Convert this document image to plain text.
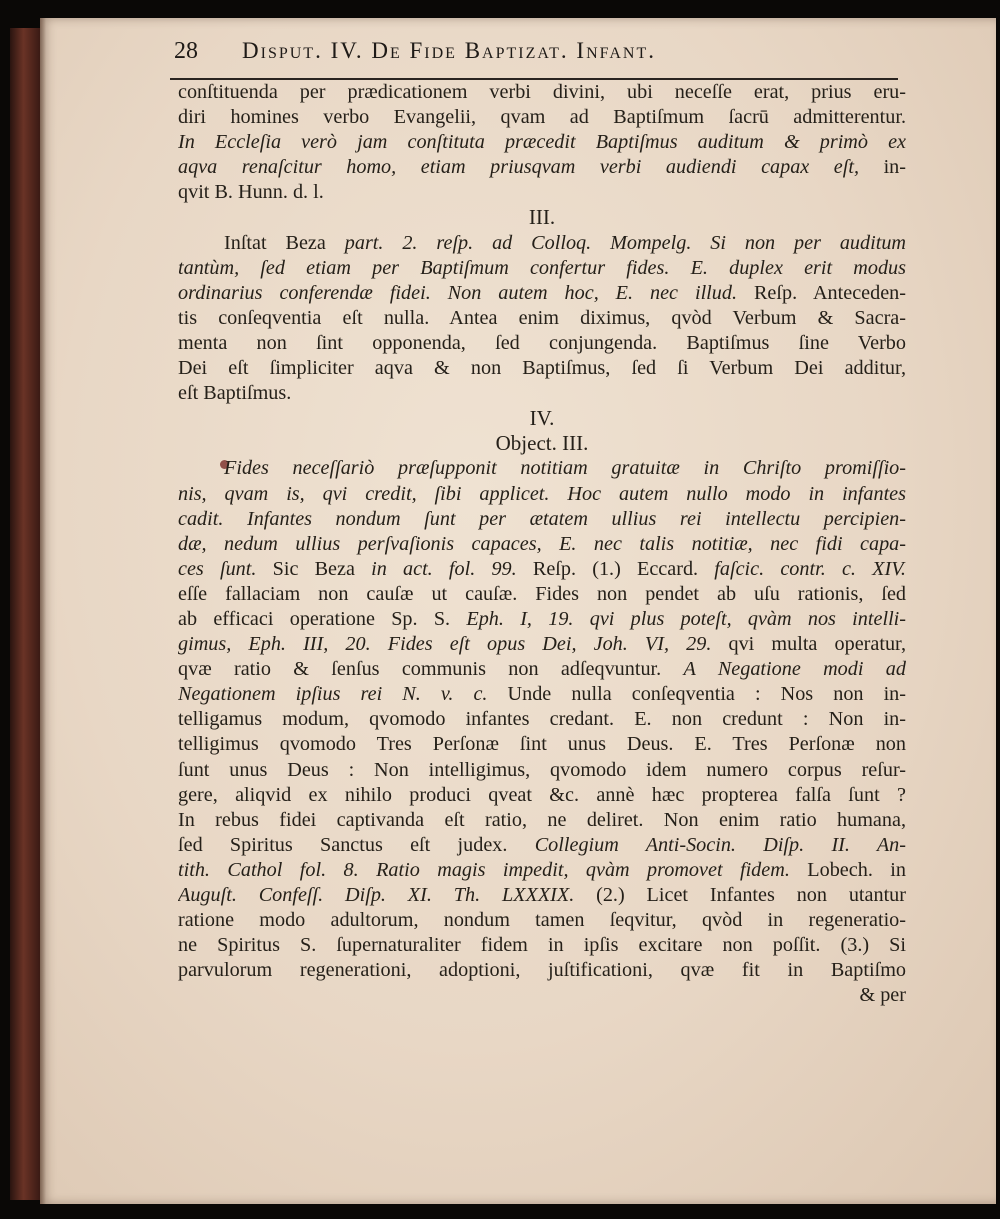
28 Disput. IV. De Fide Baptizat. Infant.
conſtituenda per prædicationem verbi divini, ubi neceſſe erat, prius eru-
diri homines verbo Evangelii, qvam ad Baptiſmum ſacrū admitterentur.
In Eccleſia verò jam conſtituta præcedit Baptiſmus auditum & primò ex
aqva renaſcitur homo, etiam priusqvam verbi audiendi capax eſt, in-
qvit B. Hunn. d. l.
III.
Inſtat Beza part. 2. reſp. ad Colloq. Mompelg. Si non per auditum
tantùm, ſed etiam per Baptiſmum confertur fides. E. duplex erit modus
ordinarius conferendæ fidei. Non autem hoc, E. nec illud. Reſp. Anteceden-
tis conſeqventia eſt nulla. Antea enim diximus, qvòd Verbum & Sacra-
menta non ſint opponenda, ſed conjungenda. Baptiſmus ſine Verbo
Dei eſt ſimpliciter aqva & non Baptiſmus, ſed ſi Verbum Dei additur,
eſt Baptiſmus.
IV.
Object. III.
Fides neceſſariò præſupponit notitiam gratuitæ in Chriſto promiſſio-
nis, qvam is, qvi credit, ſibi applicet. Hoc autem nullo modo in infantes
cadit. Infantes nondum ſunt per ætatem ullius rei intellectu percipien-
dæ, nedum ullius perſvaſionis capaces, E. nec talis notitiæ, nec fidi capa-
ces ſunt. Sic Beza in act. fol. 99. Reſp. (1.) Eccard. faſcic. contr. c. XIV.
eſſe fallaciam non cauſæ ut cauſæ. Fides non pendet ab uſu rationis, ſed
ab efficaci operatione Sp. S. Eph. I, 19. qvi plus poteſt, qvàm nos intelli-
gimus, Eph. III, 20. Fides eſt opus Dei, Joh. VI, 29. qvi multa operatur,
qvæ ratio & ſenſus communis non adſeqvuntur. A Negatione modi ad
Negationem ipſius rei N. v. c. Unde nulla conſeqventia : Nos non in-
telligamus modum, qvomodo infantes credant. E. non credunt : Non in-
telligimus qvomodo Tres Perſonæ ſint unus Deus. E. Tres Perſonæ non
ſunt unus Deus : Non intelligimus, qvomodo idem numero corpus reſur-
gere, aliqvid ex nihilo produci qveat &c. annè hæc propterea falſa ſunt ?
In rebus fidei captivanda eſt ratio, ne deliret. Non enim ratio humana,
ſed Spiritus Sanctus eſt judex. Collegium Anti-Socin. Diſp. II. An-
tith. Cathol fol. 8. Ratio magis impedit, qvàm promovet fidem. Lobech. in
Auguſt. Confeſſ. Diſp. XI. Th. LXXXIX. (2.) Licet Infantes non utantur
ratione modo adultorum, nondum tamen ſeqvitur, qvòd in regeneratio-
ne Spiritus S. ſupernaturaliter fidem in ipſis excitare non poſſit. (3.) Si
parvulorum regenerationi, adoptioni, juſtificationi, qvæ fit in Baptiſmo
& per
